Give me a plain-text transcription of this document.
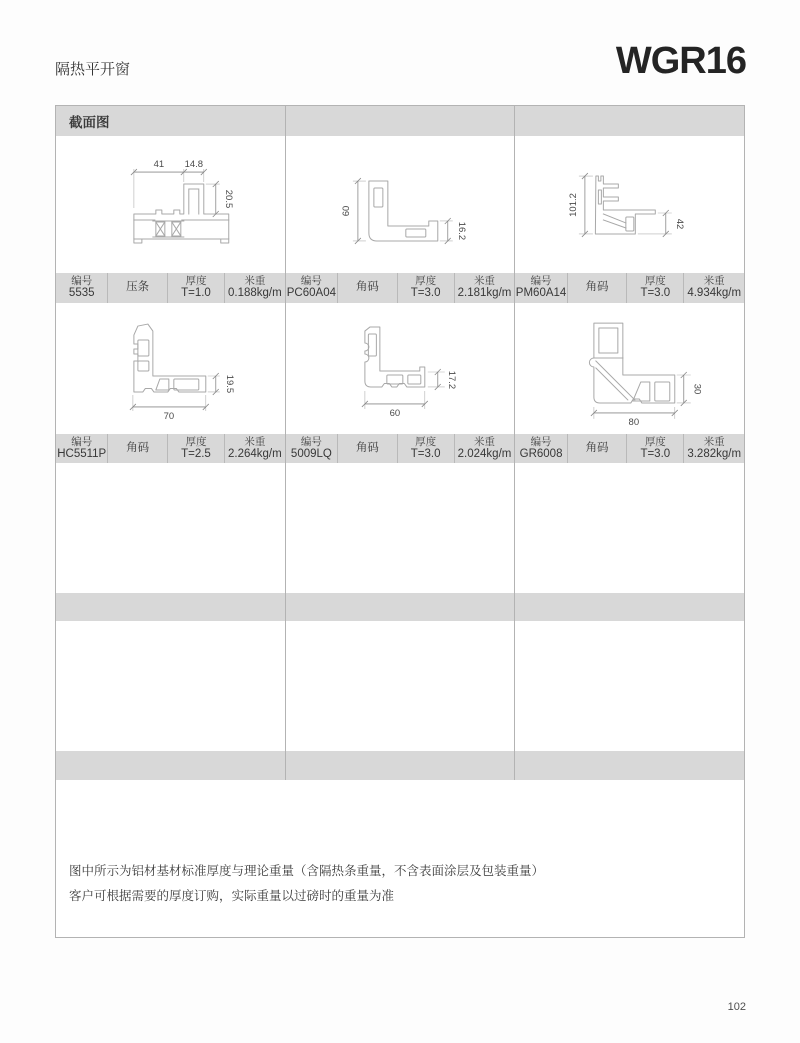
隔热平开窗	WGR16
截面图
41 14.8
20.5
60
16.2
101.2
42
编号
5535
压条
厚度
T=1.0
米重
0.188kg/m
编号
PC60A04
角码
厚度
T=3.0
米重
2.181kg/m
编号
PM60A14
角码
厚度
T=3.0
米重
4.934kg/m
70
19.5
60
17.2
80
30
编号
HC5511P
角码
厚度
T=2.5
米重
2.264kg/m
编号
5009LQ
角码
厚度
T=3.0
米重
2.024kg/m
编号
GR6008
角码
厚度
T=3.0
米重
3.282kg/m

图中所示为铝材基材标准厚度与理论重量（含隔热条重量，不含表面涂层及包装重量）

客户可根据需要的厚度订购，实际重量以过磅时的重量为准

102
